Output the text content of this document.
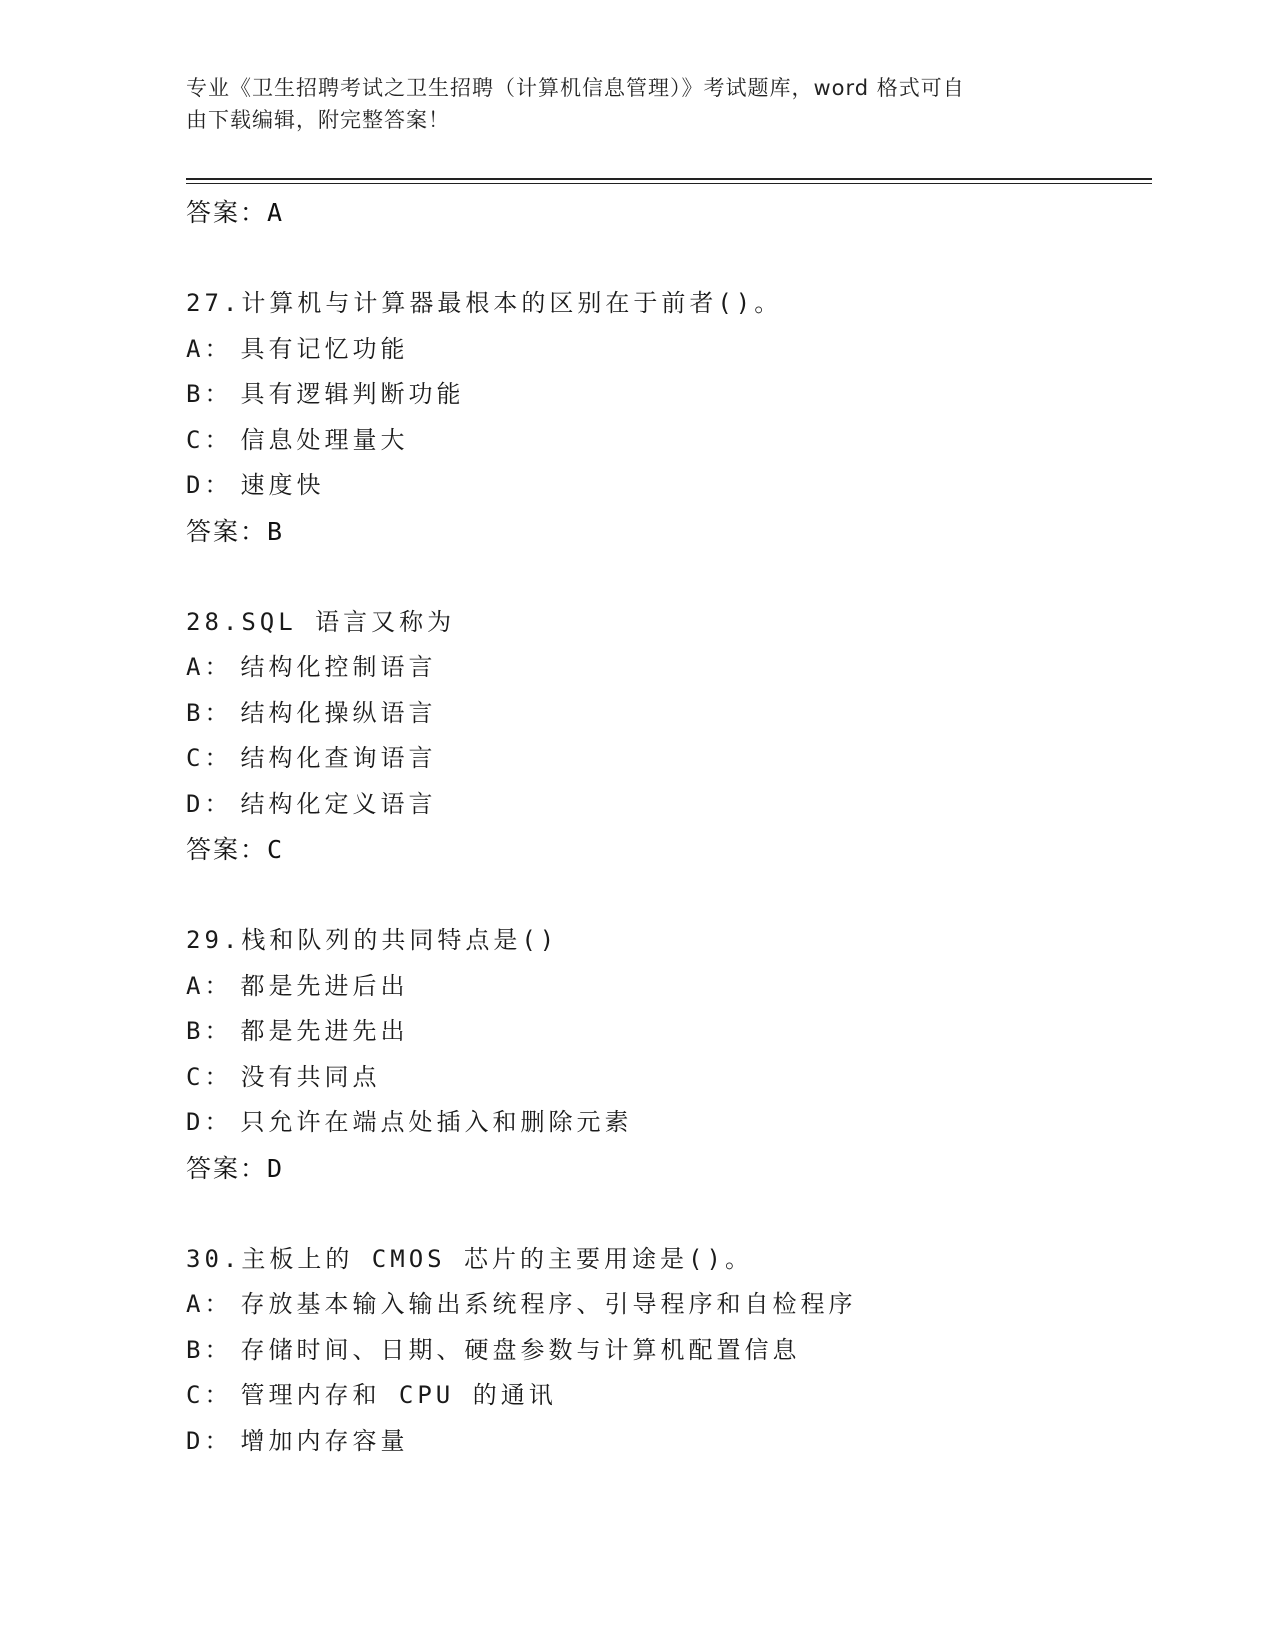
专业《卫生招聘考试之卫生招聘（计算机信息管理）》考试题库，word 格式可自
由下载编辑，附完整答案！
答案：A
27.计算机与计算器最根本的区别在于前者()。
A： 具有记忆功能
B： 具有逻辑判断功能
C： 信息处理量大
D： 速度快
答案：B
28.SQL 语言又称为
A： 结构化控制语言
B： 结构化操纵语言
C： 结构化查询语言
D： 结构化定义语言
答案：C
29.栈和队列的共同特点是()
A： 都是先进后出
B： 都是先进先出
C： 没有共同点
D： 只允许在端点处插入和删除元素
答案：D
30.主板上的 CMOS 芯片的主要用途是()。
A： 存放基本输入输出系统程序、引导程序和自检程序
B： 存储时间、日期、硬盘参数与计算机配置信息
C： 管理内存和 CPU 的通讯
D： 增加内存容量
